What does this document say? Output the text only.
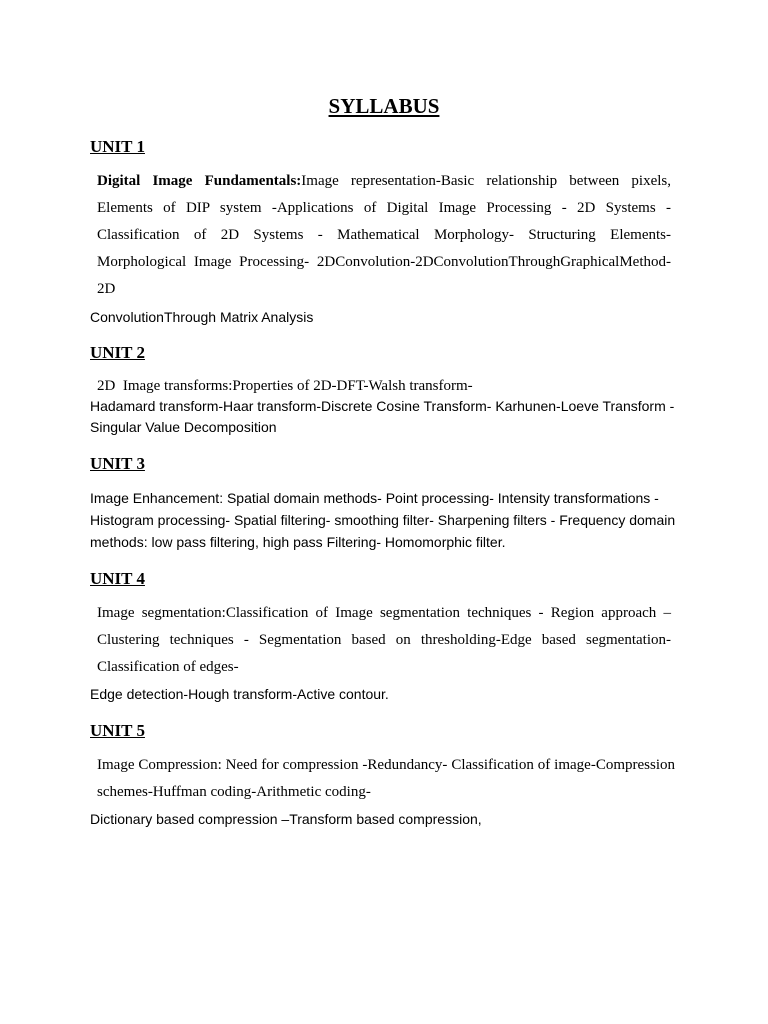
SYLLABUS
UNIT 1
Digital Image Fundamentals:Image representation-Basic relationship between pixels,
Elements of DIP system -Applications of Digital Image Processing - 2D Systems -
Classification of 2D Systems - Mathematical Morphology- Structuring Elements-
Morphological Image Processing- 2DConvolution-2DConvolutionThroughGraphicalMethod-
2D
ConvolutionThrough Matrix Analysis
UNIT 2
2D  Image transforms:Properties of 2D-DFT-Walsh transform-
Hadamard transform-Haar transform-Discrete Cosine Transform- Karhunen-Loeve Transform -
Singular Value Decomposition
UNIT 3
Image Enhancement: Spatial domain methods- Point processing- Intensity transformations -
Histogram processing- Spatial filtering- smoothing filter- Sharpening filters - Frequency domain
methods: low pass filtering, high pass Filtering- Homomorphic filter.
UNIT 4
Image segmentation:Classification of Image segmentation techniques - Region approach –
Clustering techniques - Segmentation based on thresholding-Edge based segmentation-
Classification of edges-
Edge detection-Hough transform-Active contour.
UNIT 5
Image Compression: Need for compression -Redundancy- Classification of image-Compression
schemes-Huffman coding-Arithmetic coding-
Dictionary based compression –Transform based compression,
